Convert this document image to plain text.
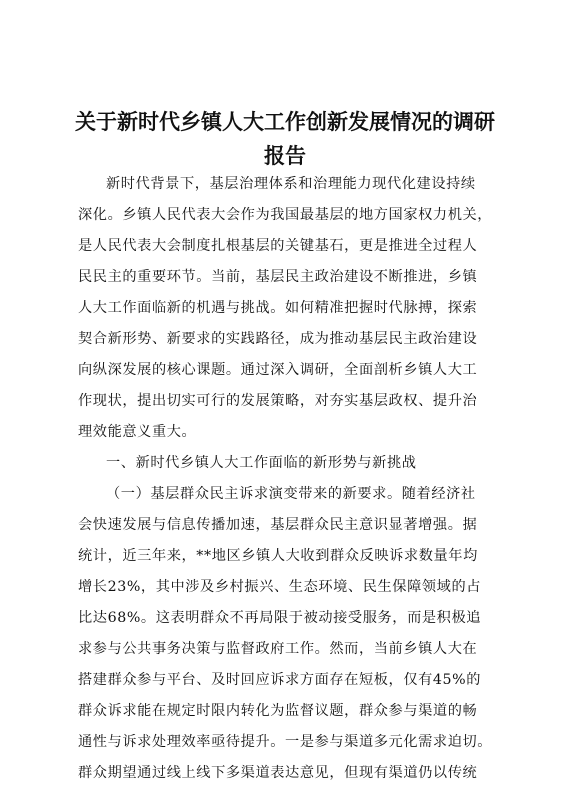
关于新时代乡镇人大工作创新发展情况的调研
报告
新时代背景下，基层治理体系和治理能力现代化建设持续
深化。乡镇人民代表大会作为我国最基层的地方国家权力机关，
是人民代表大会制度扎根基层的关键基石，更是推进全过程人
民民主的重要环节。当前，基层民主政治建设不断推进，乡镇
人大工作面临新的机遇与挑战。如何精准把握时代脉搏，探索
契合新形势、新要求的实践路径，成为推动基层民主政治建设
向纵深发展的核心课题。通过深入调研，全面剖析乡镇人大工
作现状，提出切实可行的发展策略，对夯实基层政权、提升治
理效能意义重大。
一、新时代乡镇人大工作面临的新形势与新挑战
（一）基层群众民主诉求演变带来的新要求。随着经济社
会快速发展与信息传播加速，基层群众民主意识显著增强。据
统计，近三年来，**地区乡镇人大收到群众反映诉求数量年均
增长23%，其中涉及乡村振兴、生态环境、民生保障领域的占
比达68%。这表明群众不再局限于被动接受服务，而是积极追
求参与公共事务决策与监督政府工作。然而，当前乡镇人大在
搭建群众参与平台、及时回应诉求方面存在短板，仅有45%的
群众诉求能在规定时限内转化为监督议题，群众参与渠道的畅
通性与诉求处理效率亟待提升。一是参与渠道多元化需求迫切。
群众期望通过线上线下多渠道表达意见，但现有渠道仍以传统
